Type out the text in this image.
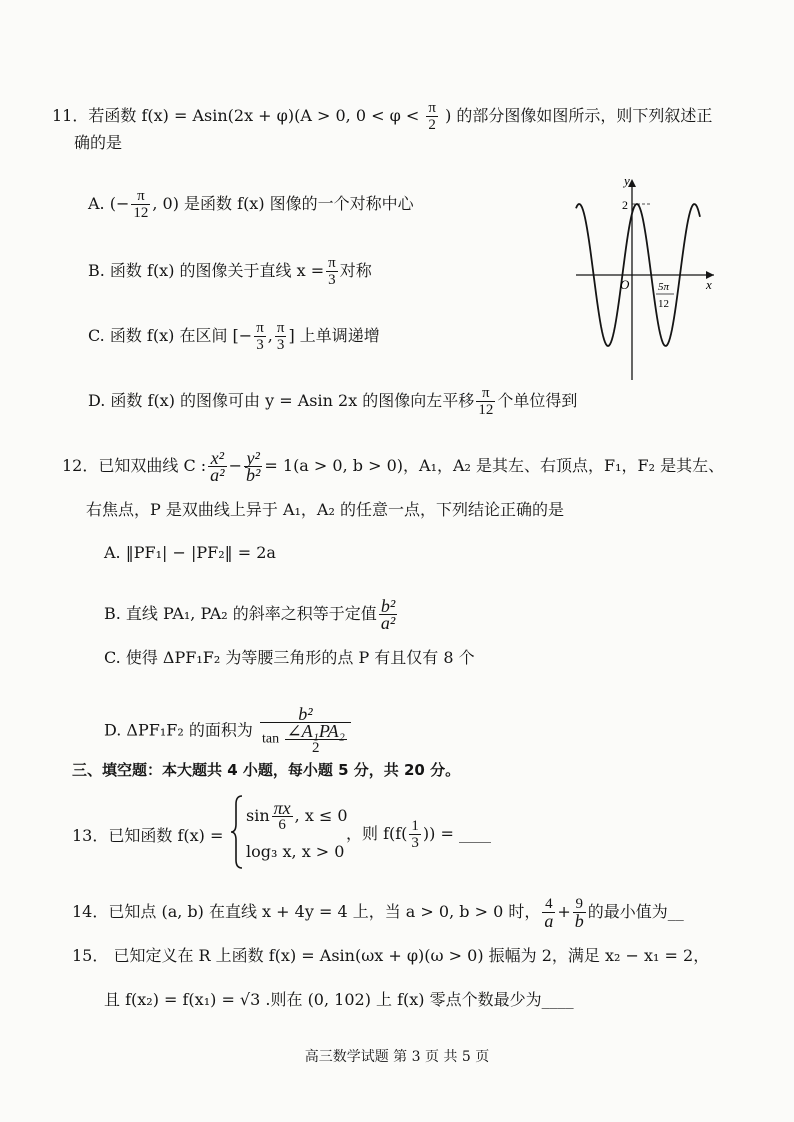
11．若函数 f(x) = Asin(2x + φ)(A > 0, $0 < \varphi < \frac{\pi}{2}$ ) 的部分图像如图所示，则下列叙述正
确的是
A. (− $\frac{\pi}{12}$ , 0) 是函数 f(x) 图像的一个对称中心
B. 函数 f(x) 的图像关于直线 $x = \frac{\pi}{3}$ 对称
C. 函数 f(x) 在区间 [− $\frac{\pi}{3}$ , $\frac{\pi}{3}$ ] 上单调递增
D. 函数 f(x) 的图像可由 y = Asin 2x 的图像向左平移 $\frac{\pi}{12}$ 个单位得到
y
x
O
2
5π
12
12．已知双曲线 C : $\frac{\text{x²}}{\text{a²}} - \frac{\text{y²}}{\text{b²}} = 1(a > 0$, b > 0)，A₁，A₂ 是其左、右顶点，F₁，F₂ 是其左、
右焦点，P 是双曲线上异于 A₁，A₂ 的任意一点，下列结论正确的是
A. ‖PF₁| − |PF₂‖ = 2a
B. 直线 PA₁, PA₂ 的斜率之积等于定值 $\frac{\text{b²}}{\text{a²}}$
C. 使得 ΔPF₁F₂ 为等腰三角形的点 P 有且仅有 8 个
D. ΔPF₁F₂ 的面积为 $\frac{\text{b²}}{\tan \frac{\text{∠A₁PA₂}}{2}}$
三、填空题：本大题共 4 小题，每小题 5 分，共 20 分。
13．已知函数 f(x) =
$\sin \frac{\pi x}{6}$ , x ≤ 0
log₃ x, x > 0
，则 $f(f( \frac{1}{3}$ )) = ____
14．已知点 (a, b) 在直线 x + 4y = 4 上，当 a > 0, b > 0 时， $\frac{4}{a} + \frac{9}{b}$ 的最小值为__
15． 已知定义在 R 上函数 f(x) = Asin(ωx + φ)(ω > 0) 振幅为 2，满足 x₂ − x₁ = 2，
且 f(x₂) = f(x₁) = √3 .则在 (0, 102) 上 f(x) 零点个数最少为____
高三数学试题 第 3 页 共 5 页
